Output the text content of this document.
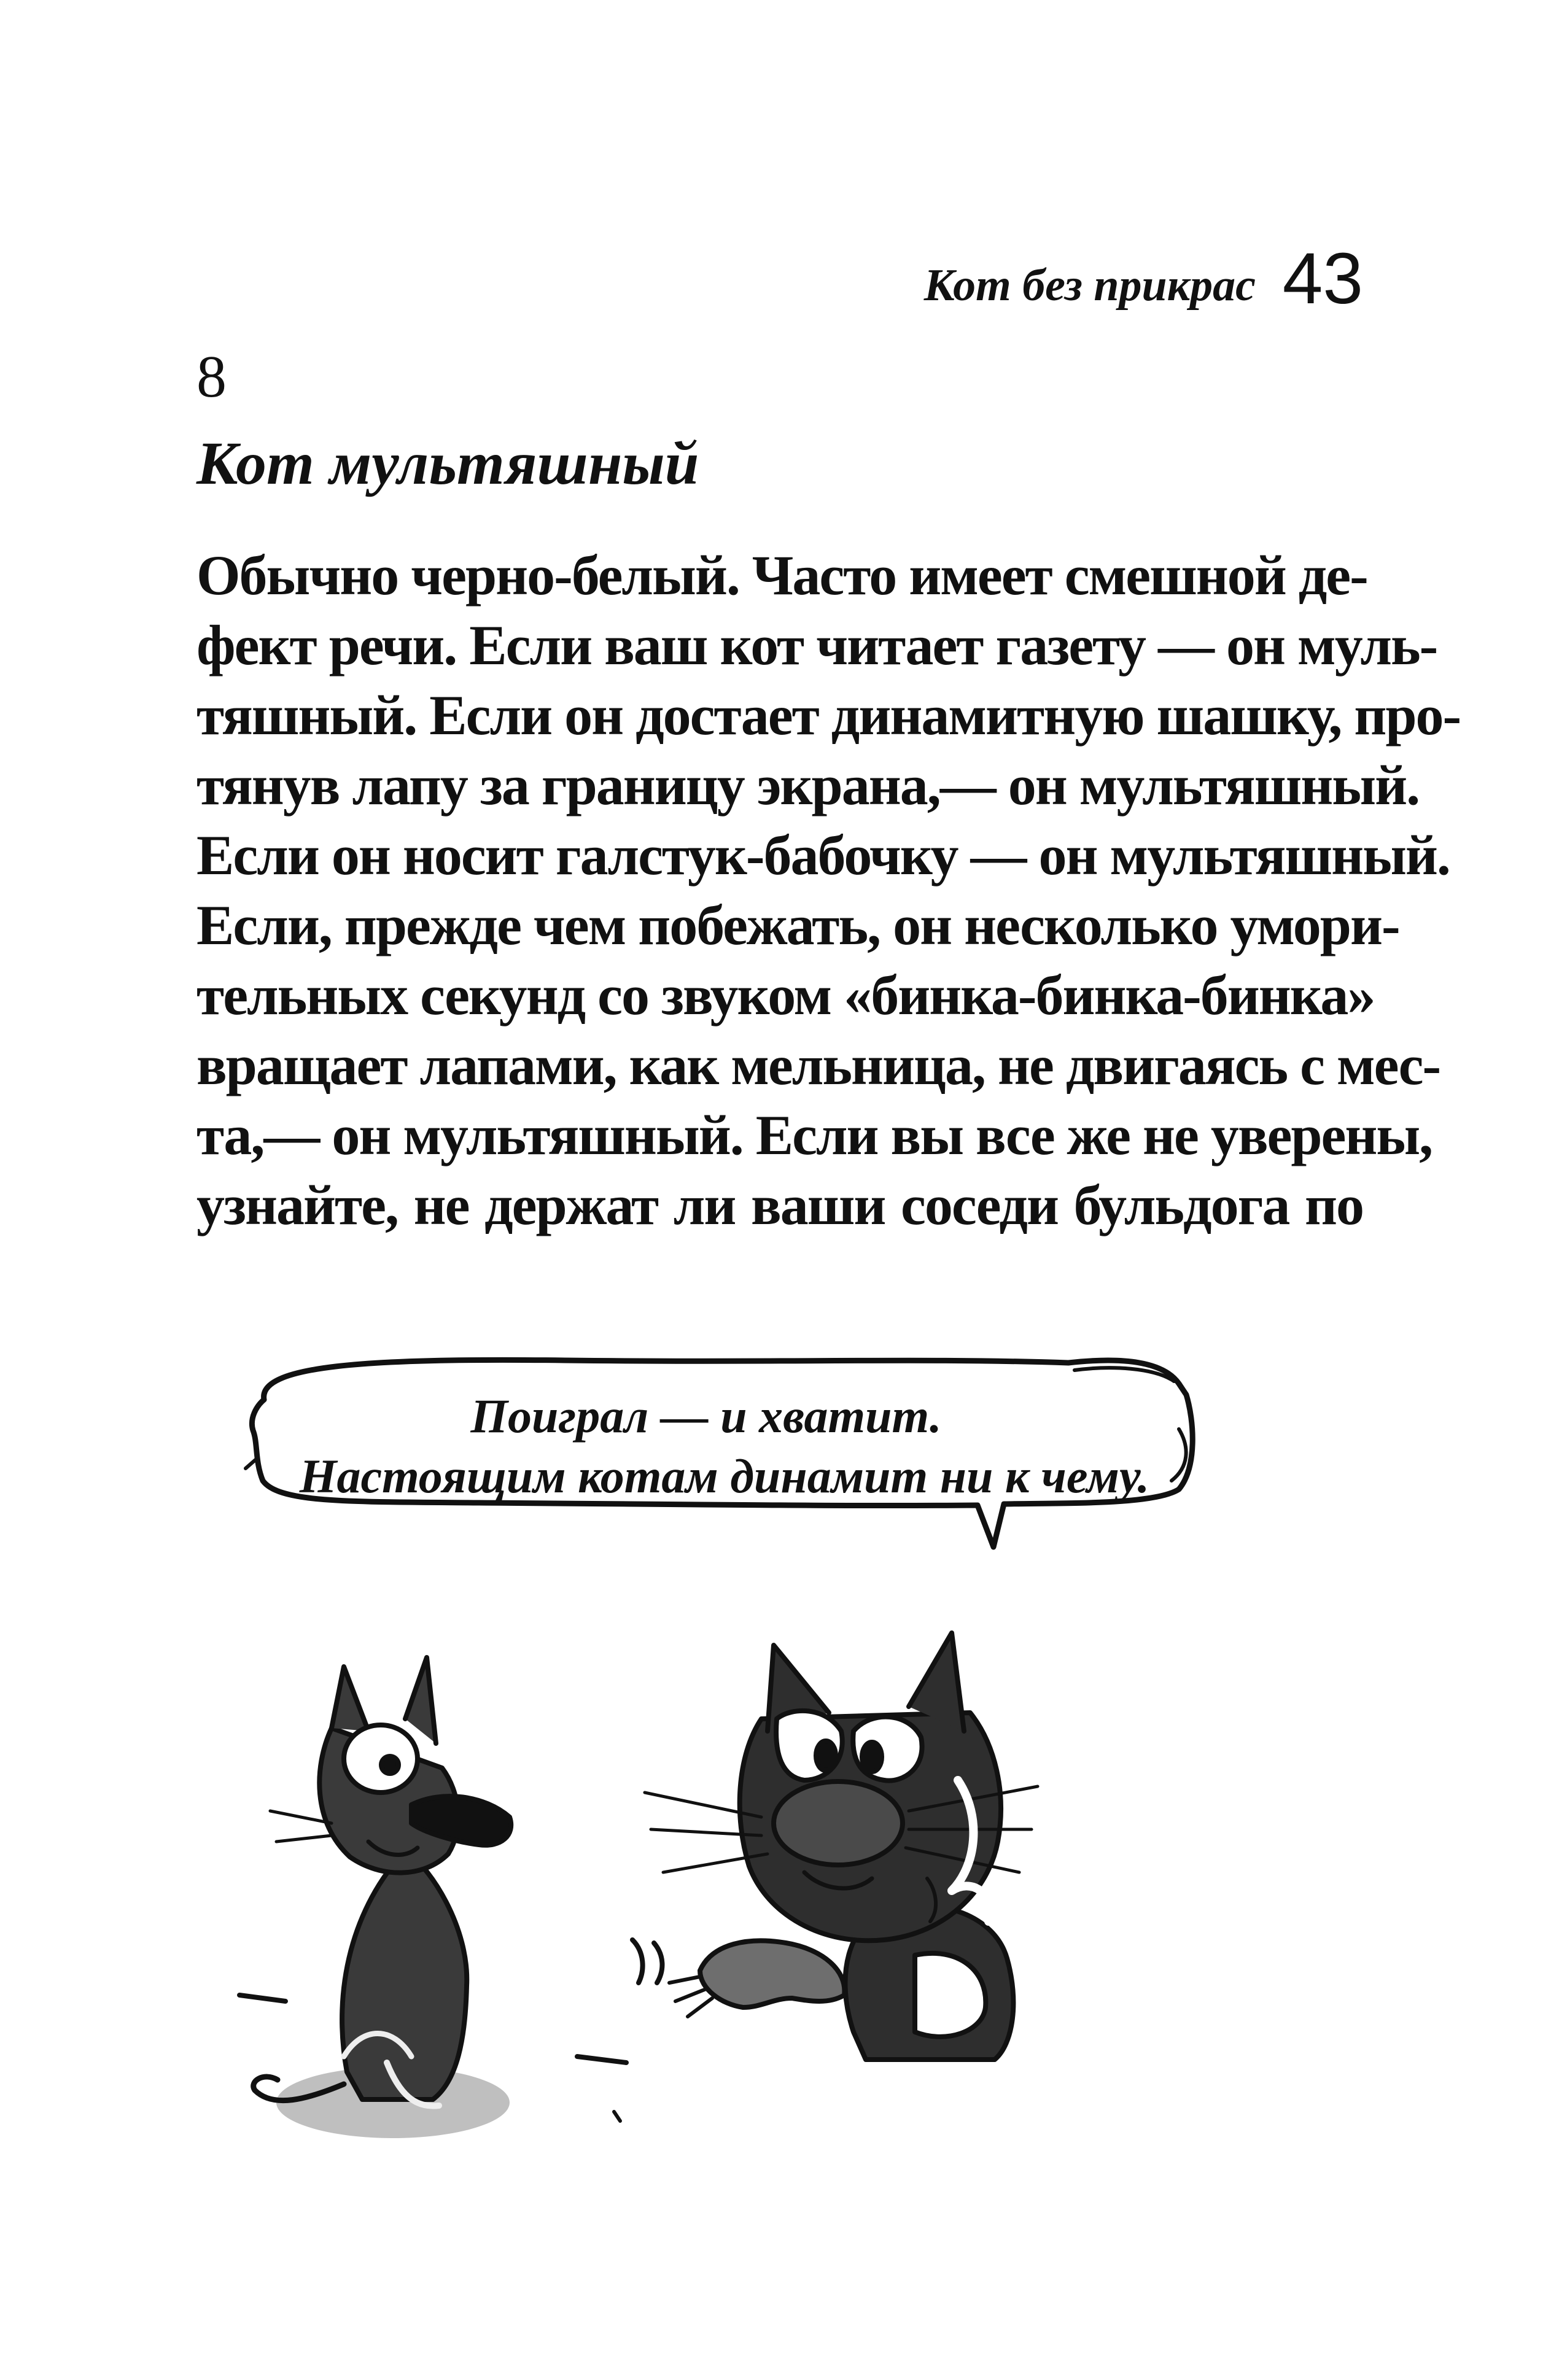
Кот без прикрас 43
8
Кот мультяшный
Обычно черно-белый. Часто имеет смешной де-
фект речи. Если ваш кот читает газету — он муль-
тяшный. Если он достает динамитную шашку, про-
тянув лапу за границу экрана,— он мультяшный.
Если он носит галстук-бабочку — он мультяшный.
Если, прежде чем побежать, он несколько умори-
тельных секунд со звуком «бинка-бинка-бинка»
вращает лапами, как мельница, не двигаясь с мес-
та,— он мультяшный. Если вы все же не уверены,
узнайте, не держат ли ваши соседи бульдога по
Поиграл — и хватит.
Настоящим котам динамит ни к чему.
